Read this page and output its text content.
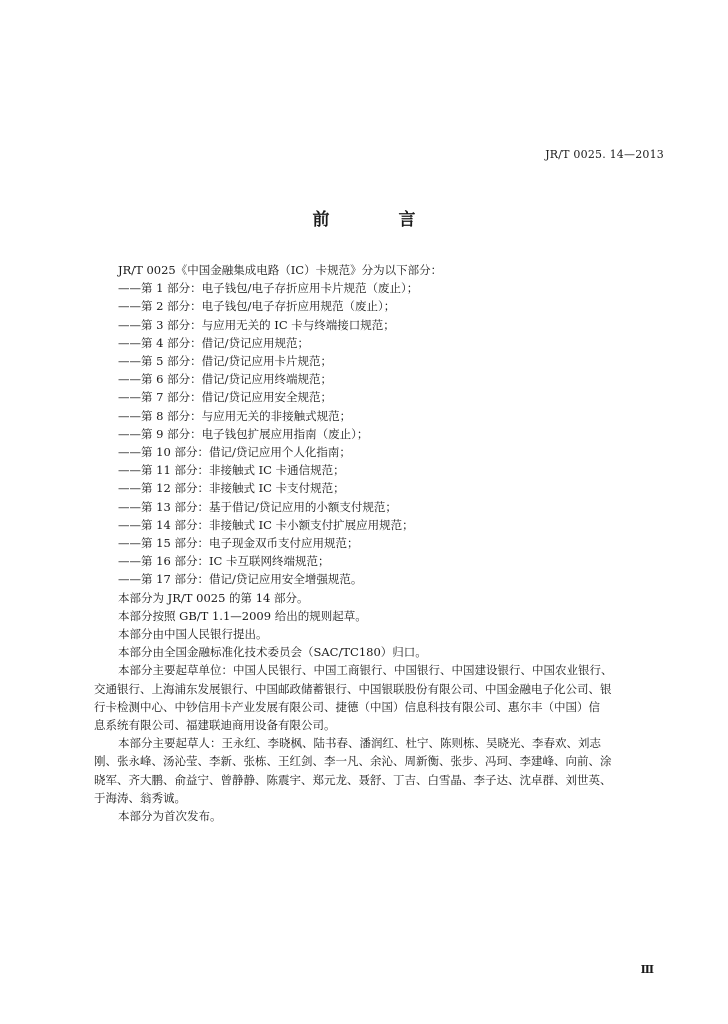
JR/T 0025. 14—2013
前　言
JR/T 0025《中国金融集成电路（IC）卡规范》分为以下部分：
——第 1 部分：电子钱包/电子存折应用卡片规范（废止）；
——第 2 部分：电子钱包/电子存折应用规范（废止）；
——第 3 部分：与应用无关的 IC 卡与终端接口规范；
——第 4 部分：借记/贷记应用规范；
——第 5 部分：借记/贷记应用卡片规范；
——第 6 部分：借记/贷记应用终端规范；
——第 7 部分：借记/贷记应用安全规范；
——第 8 部分：与应用无关的非接触式规范；
——第 9 部分：电子钱包扩展应用指南（废止）；
——第 10 部分：借记/贷记应用个人化指南；
——第 11 部分：非接触式 IC 卡通信规范；
——第 12 部分：非接触式 IC 卡支付规范；
——第 13 部分：基于借记/贷记应用的小额支付规范；
——第 14 部分：非接触式 IC 卡小额支付扩展应用规范；
——第 15 部分：电子现金双币支付应用规范；
——第 16 部分：IC 卡互联网终端规范；
——第 17 部分：借记/贷记应用安全增强规范。
本部分为 JR/T 0025 的第 14 部分。
本部分按照 GB/T 1.1—2009 给出的规则起草。
本部分由中国人民银行提出。
本部分由全国金融标准化技术委员会（SAC/TC180）归口。
本部分主要起草单位：中国人民银行、中国工商银行、中国银行、中国建设银行、中国农业银行、
交通银行、上海浦东发展银行、中国邮政储蓄银行、中国银联股份有限公司、中国金融电子化公司、银
行卡检测中心、中钞信用卡产业发展有限公司、捷德（中国）信息科技有限公司、惠尔丰（中国）信
息系统有限公司、福建联迪商用设备有限公司。
本部分主要起草人：王永红、李晓枫、陆书春、潘润红、杜宁、陈则栋、吴晓光、李春欢、刘志
刚、张永峰、汤沁莹、李新、张栋、王红剑、李一凡、余沁、周新衡、张步、冯珂、李建峰、向前、涂
晓军、齐大鹏、俞益宁、曾静静、陈震宇、郑元龙、聂舒、丁吉、白雪晶、李子达、沈卓群、刘世英、
于海涛、翁秀诚。
本部分为首次发布。
Ⅲ
